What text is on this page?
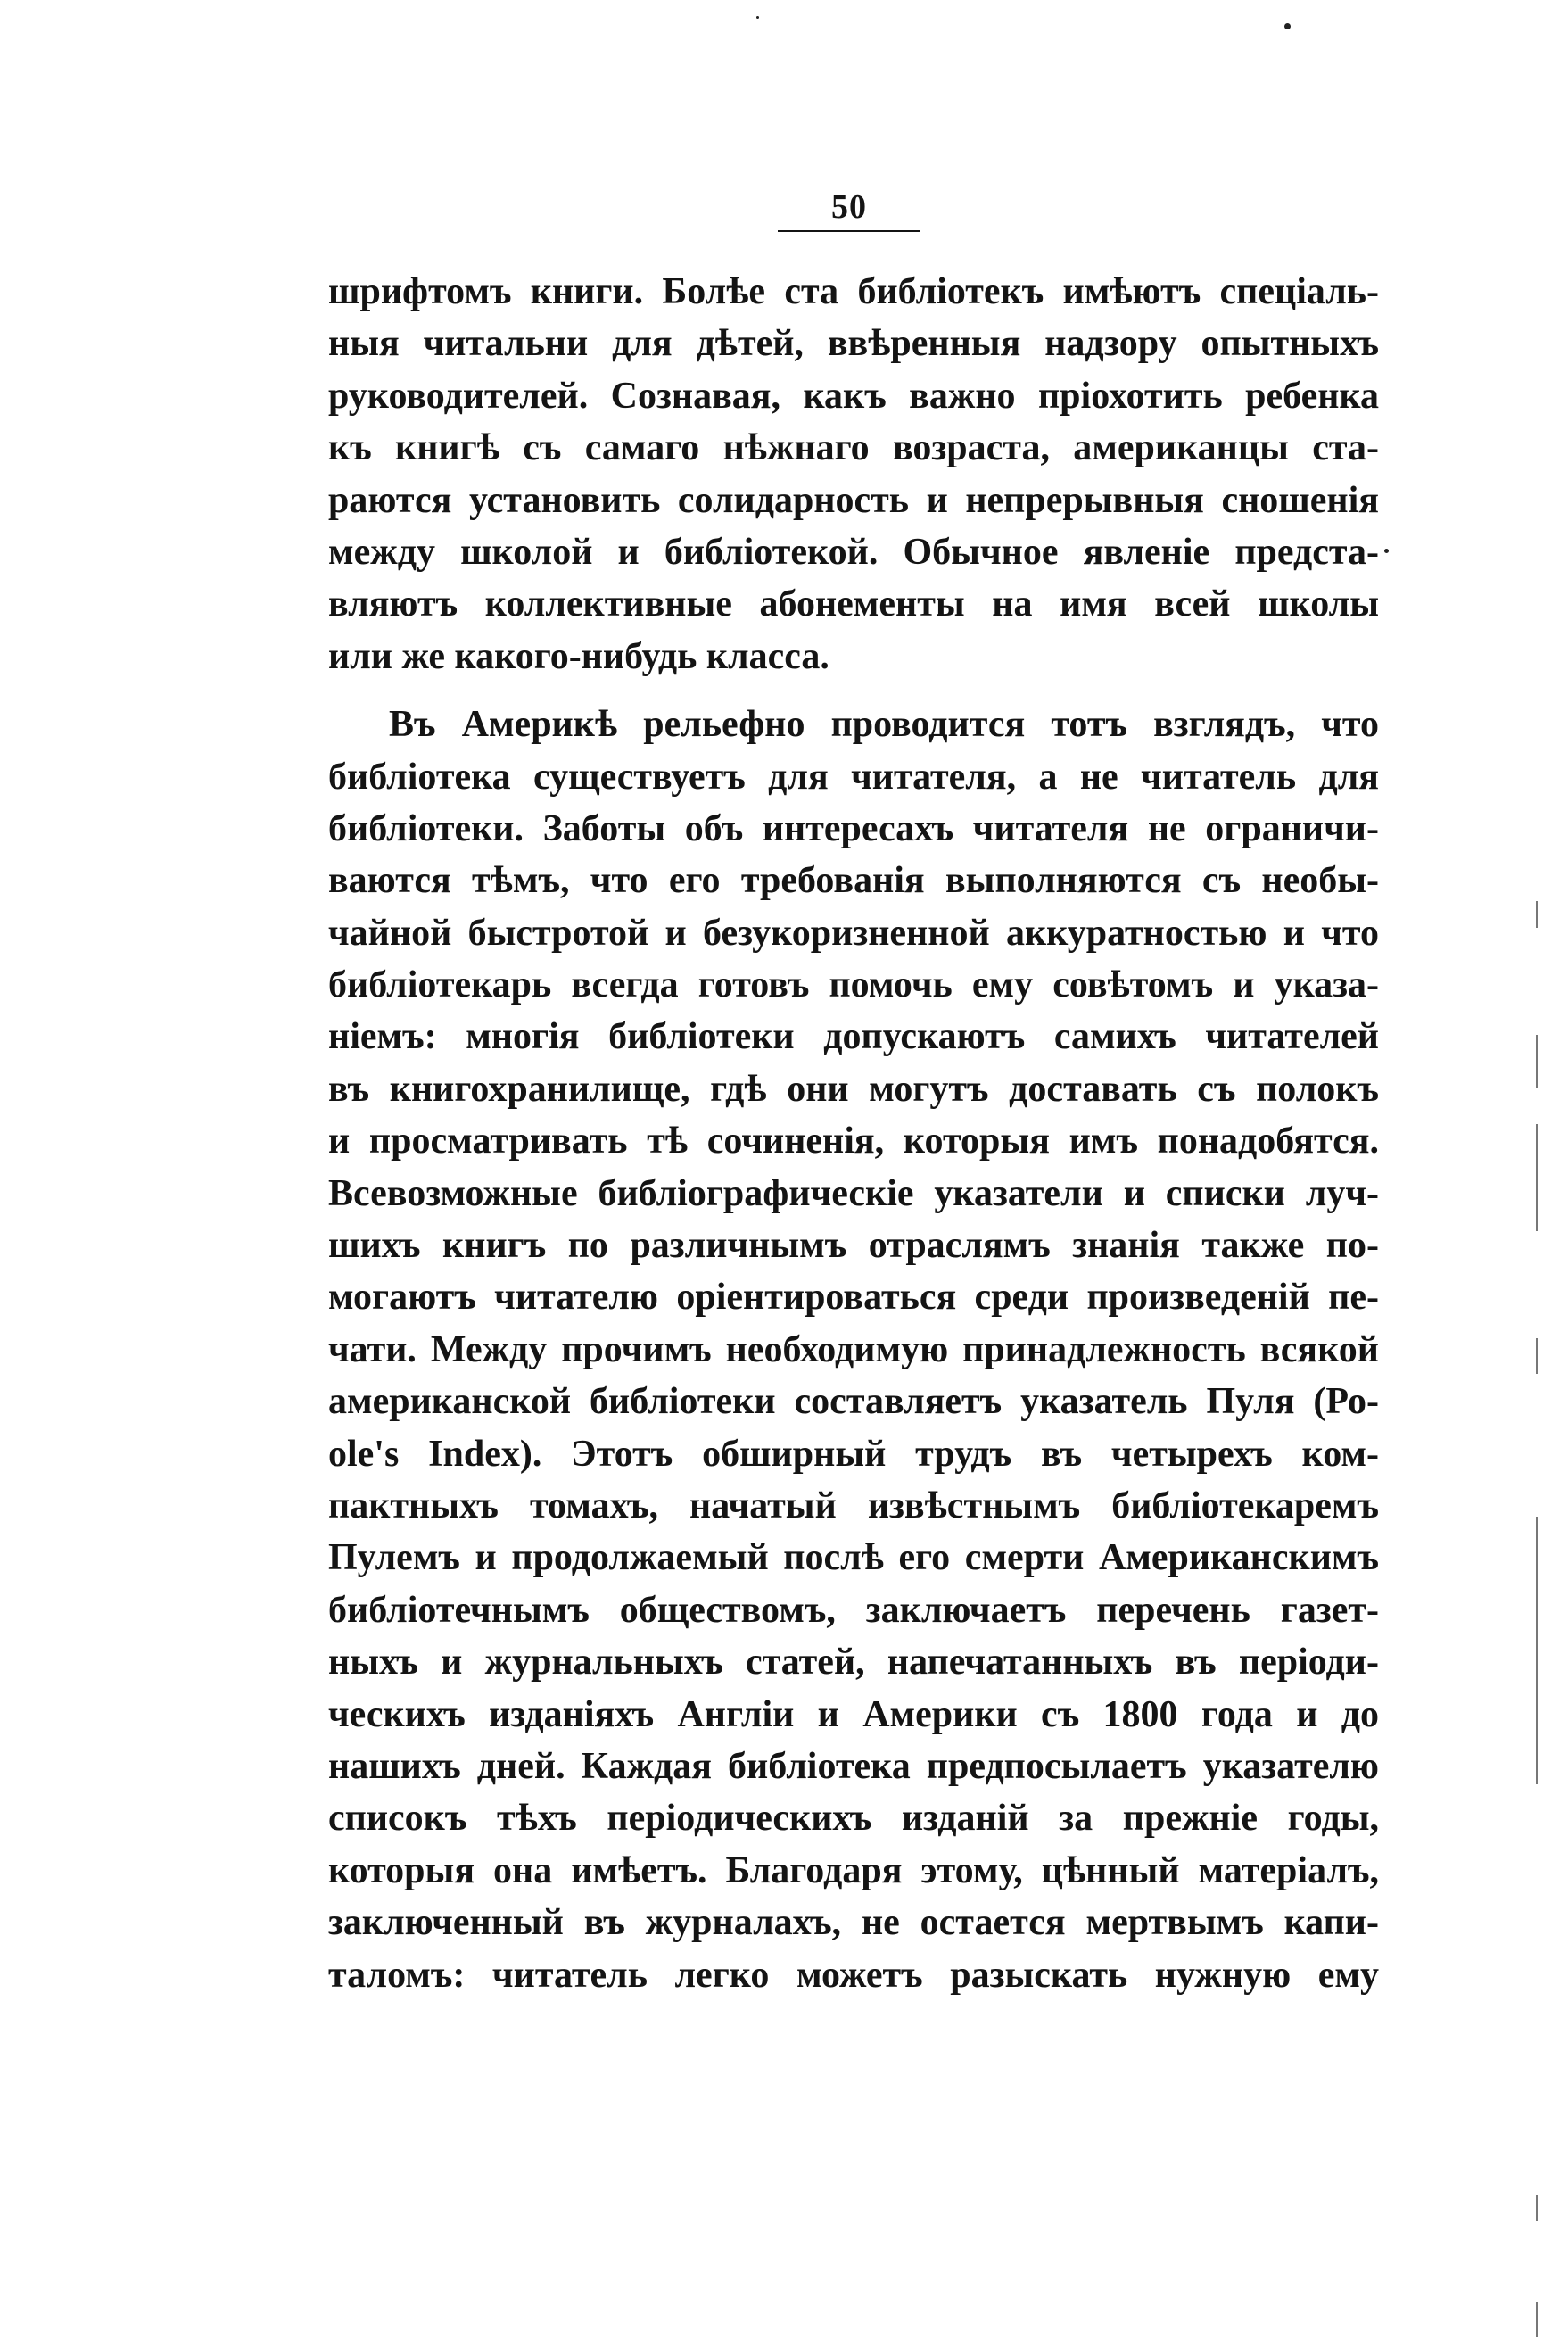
50
шрифтомъ книги. Болѣе ста библіотекъ имѣютъ спеціаль-
ныя читальни для дѣтей, ввѣренныя надзору опытныхъ
руководителей. Сознавая, какъ важно пріохотить ребенка
къ книгѣ съ самаго нѣжнаго возраста, американцы ста-
раются установить солидарность и непрерывныя сношенія
между школой и библіотекой. Обычное явленіе предста-
вляютъ коллективные абонементы на имя всей школы
или же какого-нибудь класса.
Въ Америкѣ рельефно проводится тотъ взглядъ, что
библіотека существуетъ для читателя, а не читатель для
библіотеки. Заботы объ интересахъ читателя не ограничи-
ваются тѣмъ, что его требованія выполняются съ необы-
чайной быстротой и безукоризненной аккуратностью и что
библіотекарь всегда готовъ помочь ему совѣтомъ и указа-
ніемъ: многія библіотеки допускаютъ самихъ читателей
въ книгохранилище, гдѣ они могутъ доставать съ полокъ
и просматривать тѣ сочиненія, которыя имъ понадобятся.
Всевозможные библіографическіе указатели и списки луч-
шихъ книгъ по различнымъ отраслямъ знанія также по-
могаютъ читателю оріентироваться среди произведеній пе-
чати. Между прочимъ необходимую принадлежность всякой
американской библіотеки составляетъ указатель Пуля (Ро-
ole's Index). Этотъ обширный трудъ въ четырехъ ком-
пактныхъ томахъ, начатый извѣстнымъ библіотекаремъ
Пулемъ и продолжаемый послѣ его смерти Американскимъ
библіотечнымъ обществомъ, заключаетъ перечень газет-
ныхъ и журнальныхъ статей, напечатанныхъ въ періоди-
ческихъ изданіяхъ Англіи и Америки съ 1800 года и до
нашихъ дней. Каждая библіотека предпосылаетъ указателю
списокъ тѣхъ періодическихъ изданій за прежніе годы,
которыя она имѣетъ. Благодаря этому, цѣнный матеріалъ,
заключенный въ журналахъ, не остается мертвымъ капи-
таломъ: читатель легко можетъ разыскать нужную ему
